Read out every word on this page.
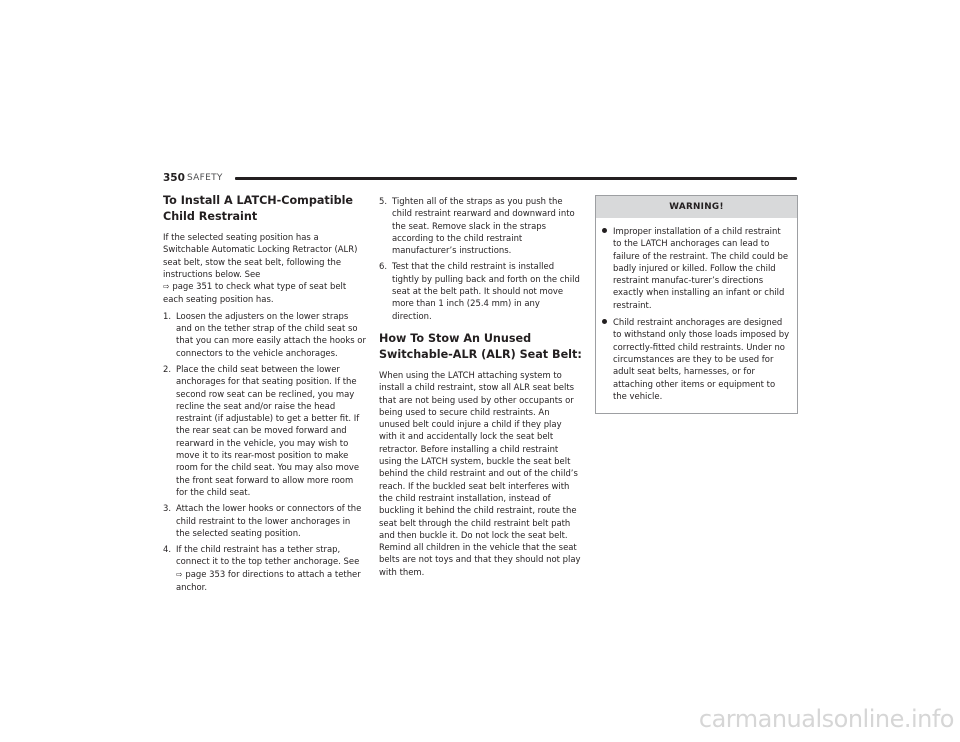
350 SAFETY
To Install A LATCH-Compatible Child Restraint

If the selected seating position has a Switchable Automatic Locking Retractor (ALR) seat belt, stow the seat belt, following the instructions below. See
⇨ page 351 to check what type of seat belt each seating position has.

1. Loosen the adjusters on the lower straps and on the tether strap of the child seat so that you can more easily attach the hooks or connectors to the vehicle anchorages.
2. Place the child seat between the lower anchorages for that seating position. If the second row seat can be reclined, you may recline the seat and/or raise the head restraint (if adjustable) to get a better fit. If the rear seat can be moved forward and rearward in the vehicle, you may wish to move it to its rear-most position to make room for the child seat. You may also move the front seat forward to allow more room for the child seat.
3. Attach the lower hooks or connectors of the child restraint to the lower anchorages in the selected seating position.
4. If the child restraint has a tether strap, connect it to the top tether anchorage. See
⇨ page 353 for directions to attach a tether anchor.
5. Tighten all of the straps as you push the child restraint rearward and downward into the seat. Remove slack in the straps according to the child restraint manufacturer’s instructions.
6. Test that the child restraint is installed tightly by pulling back and forth on the child seat at the belt path. It should not move more than 1 inch (25.4 mm) in any direction.
How To Stow An Unused Switchable-ALR (ALR) Seat Belt:

When using the LATCH attaching system to install a child restraint, stow all ALR seat belts that are not being used by other occupants or being used to secure child restraints. An unused belt could injure a child if they play with it and accidentally lock the seat belt retractor. Before installing a child restraint using the LATCH system, buckle the seat belt behind the child restraint and out of the child’s reach. If the buckled seat belt interferes with the child restraint installation, instead of buckling it behind the child restraint, route the seat belt through the child restraint belt path and then buckle it. Do not lock the seat belt. Remind all children in the vehicle that the seat belts are not toys and that they should not play with them.

WARNING!
Improper installation of a child restraint to the LATCH anchorages can lead to failure of the restraint. The child could be badly injured or killed. Follow the child restraint manufac-turer’s directions exactly when installing an infant or child restraint.
Child restraint anchorages are designed to withstand only those loads imposed by correctly-fitted child restraints. Under no circumstances are they to be used for adult seat belts, harnesses, or for attaching other items or equipment to the vehicle.
carmanualsonline.info
